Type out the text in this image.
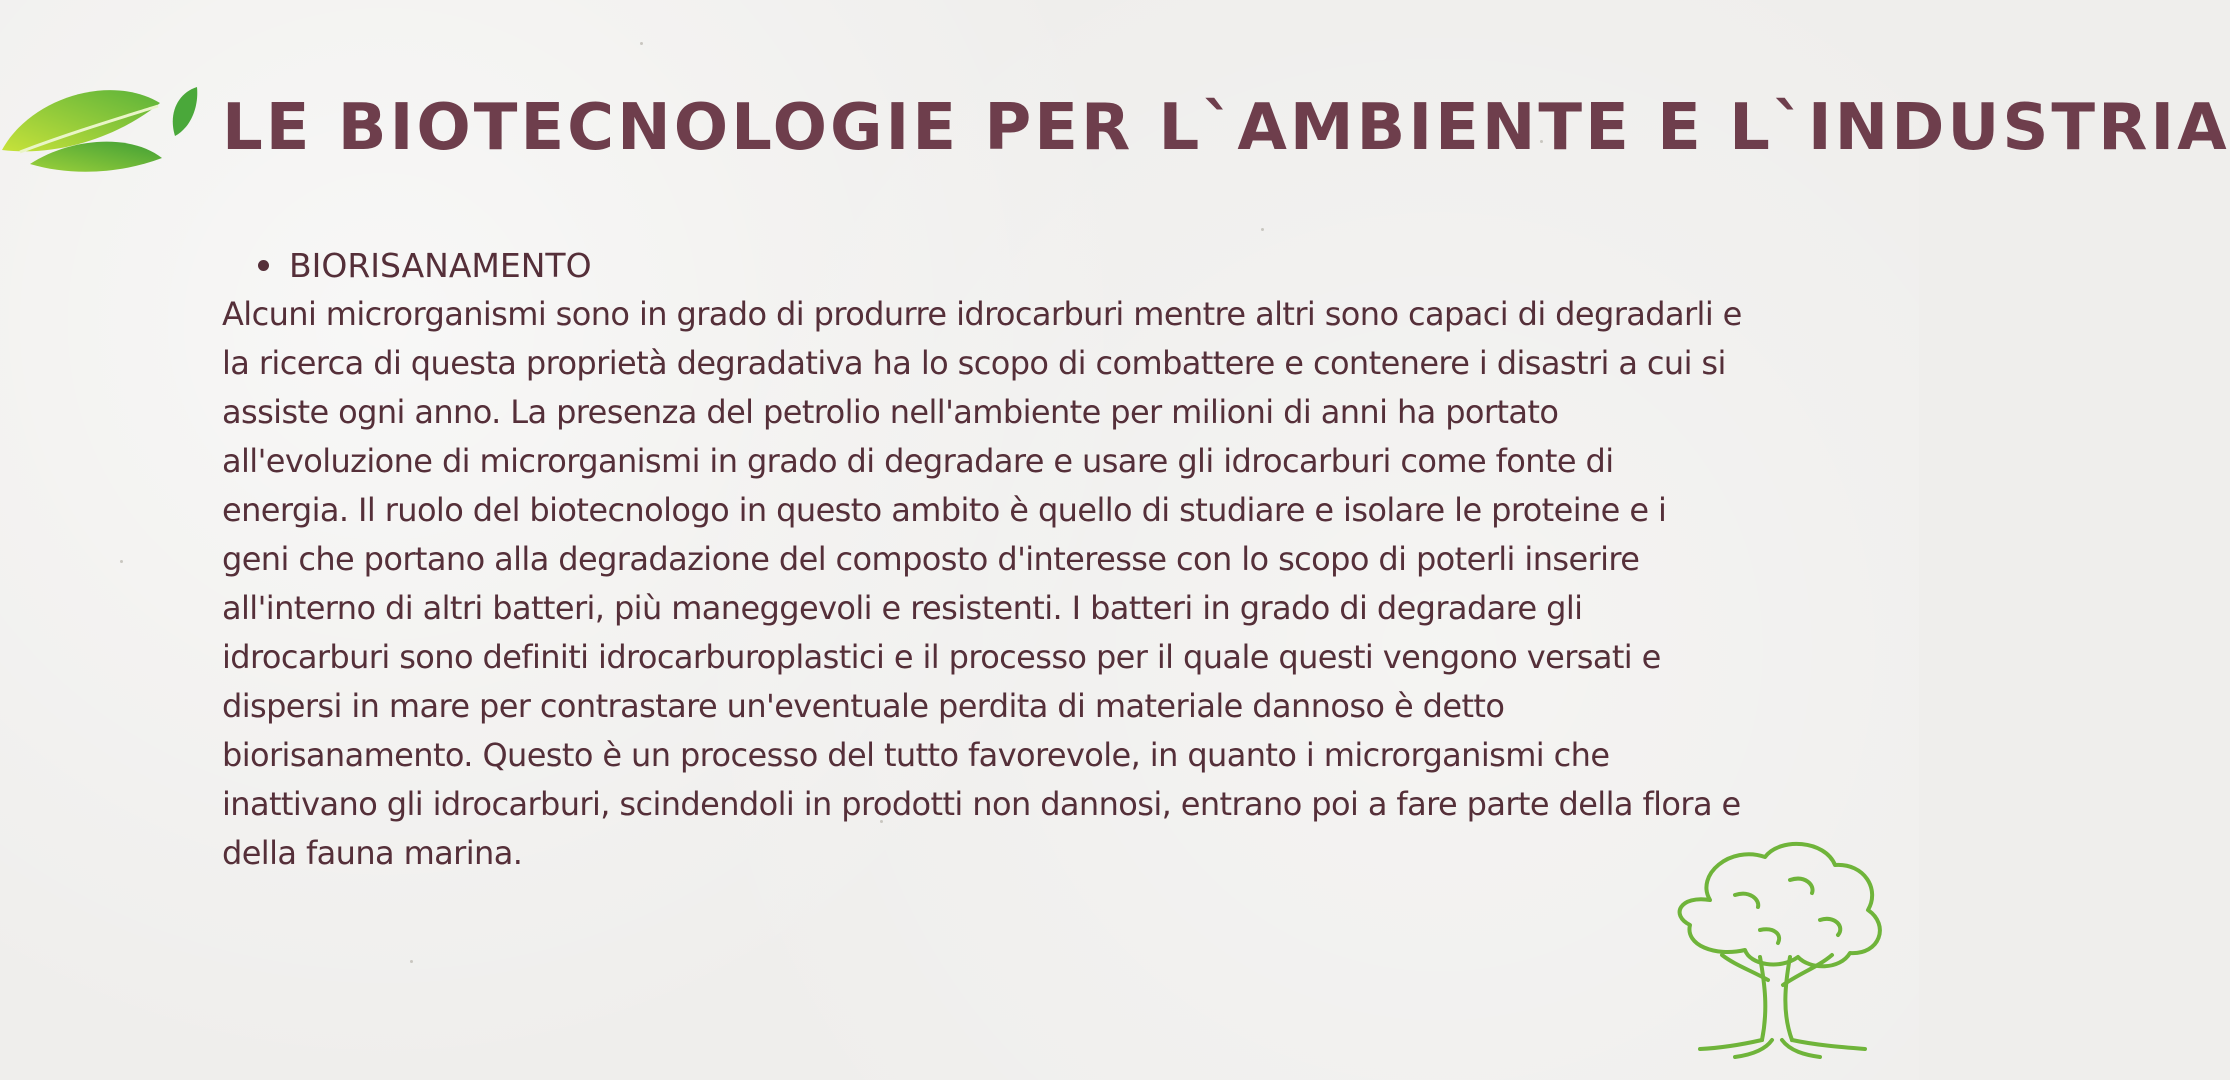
LE BIOTECNOLOGIE PER L`AMBIENTE E L`INDUSTRIA
BIORISANAMENTO

Alcuni microrganismi sono in grado di produrre idrocarburi mentre altri sono capaci di degradarli e la ricerca di questa proprietà degradativa ha lo scopo di combattere e contenere i disastri a cui si assiste ogni anno. La presenza del petrolio nell'ambiente per milioni di anni ha portato all'evoluzione di microrganismi in grado di degradare e usare gli idrocarburi come fonte di energia. Il ruolo del biotecnologo in questo ambito è quello di studiare e isolare le proteine e i geni che portano alla degradazione del composto d'interesse con lo scopo di poterli inserire all'interno di altri batteri, più maneggevoli e resistenti. I batteri in grado di degradare gli idrocarburi sono definiti idrocarburoplastici e il processo per il quale questi vengono versati e dispersi in mare per contrastare un'eventuale perdita di materiale dannoso è detto biorisanamento. Questo è un processo del tutto favorevole, in quanto i microrganismi che inattivano gli idrocarburi, scindendoli in prodotti non dannosi, entrano poi a fare parte della flora e della fauna marina.
